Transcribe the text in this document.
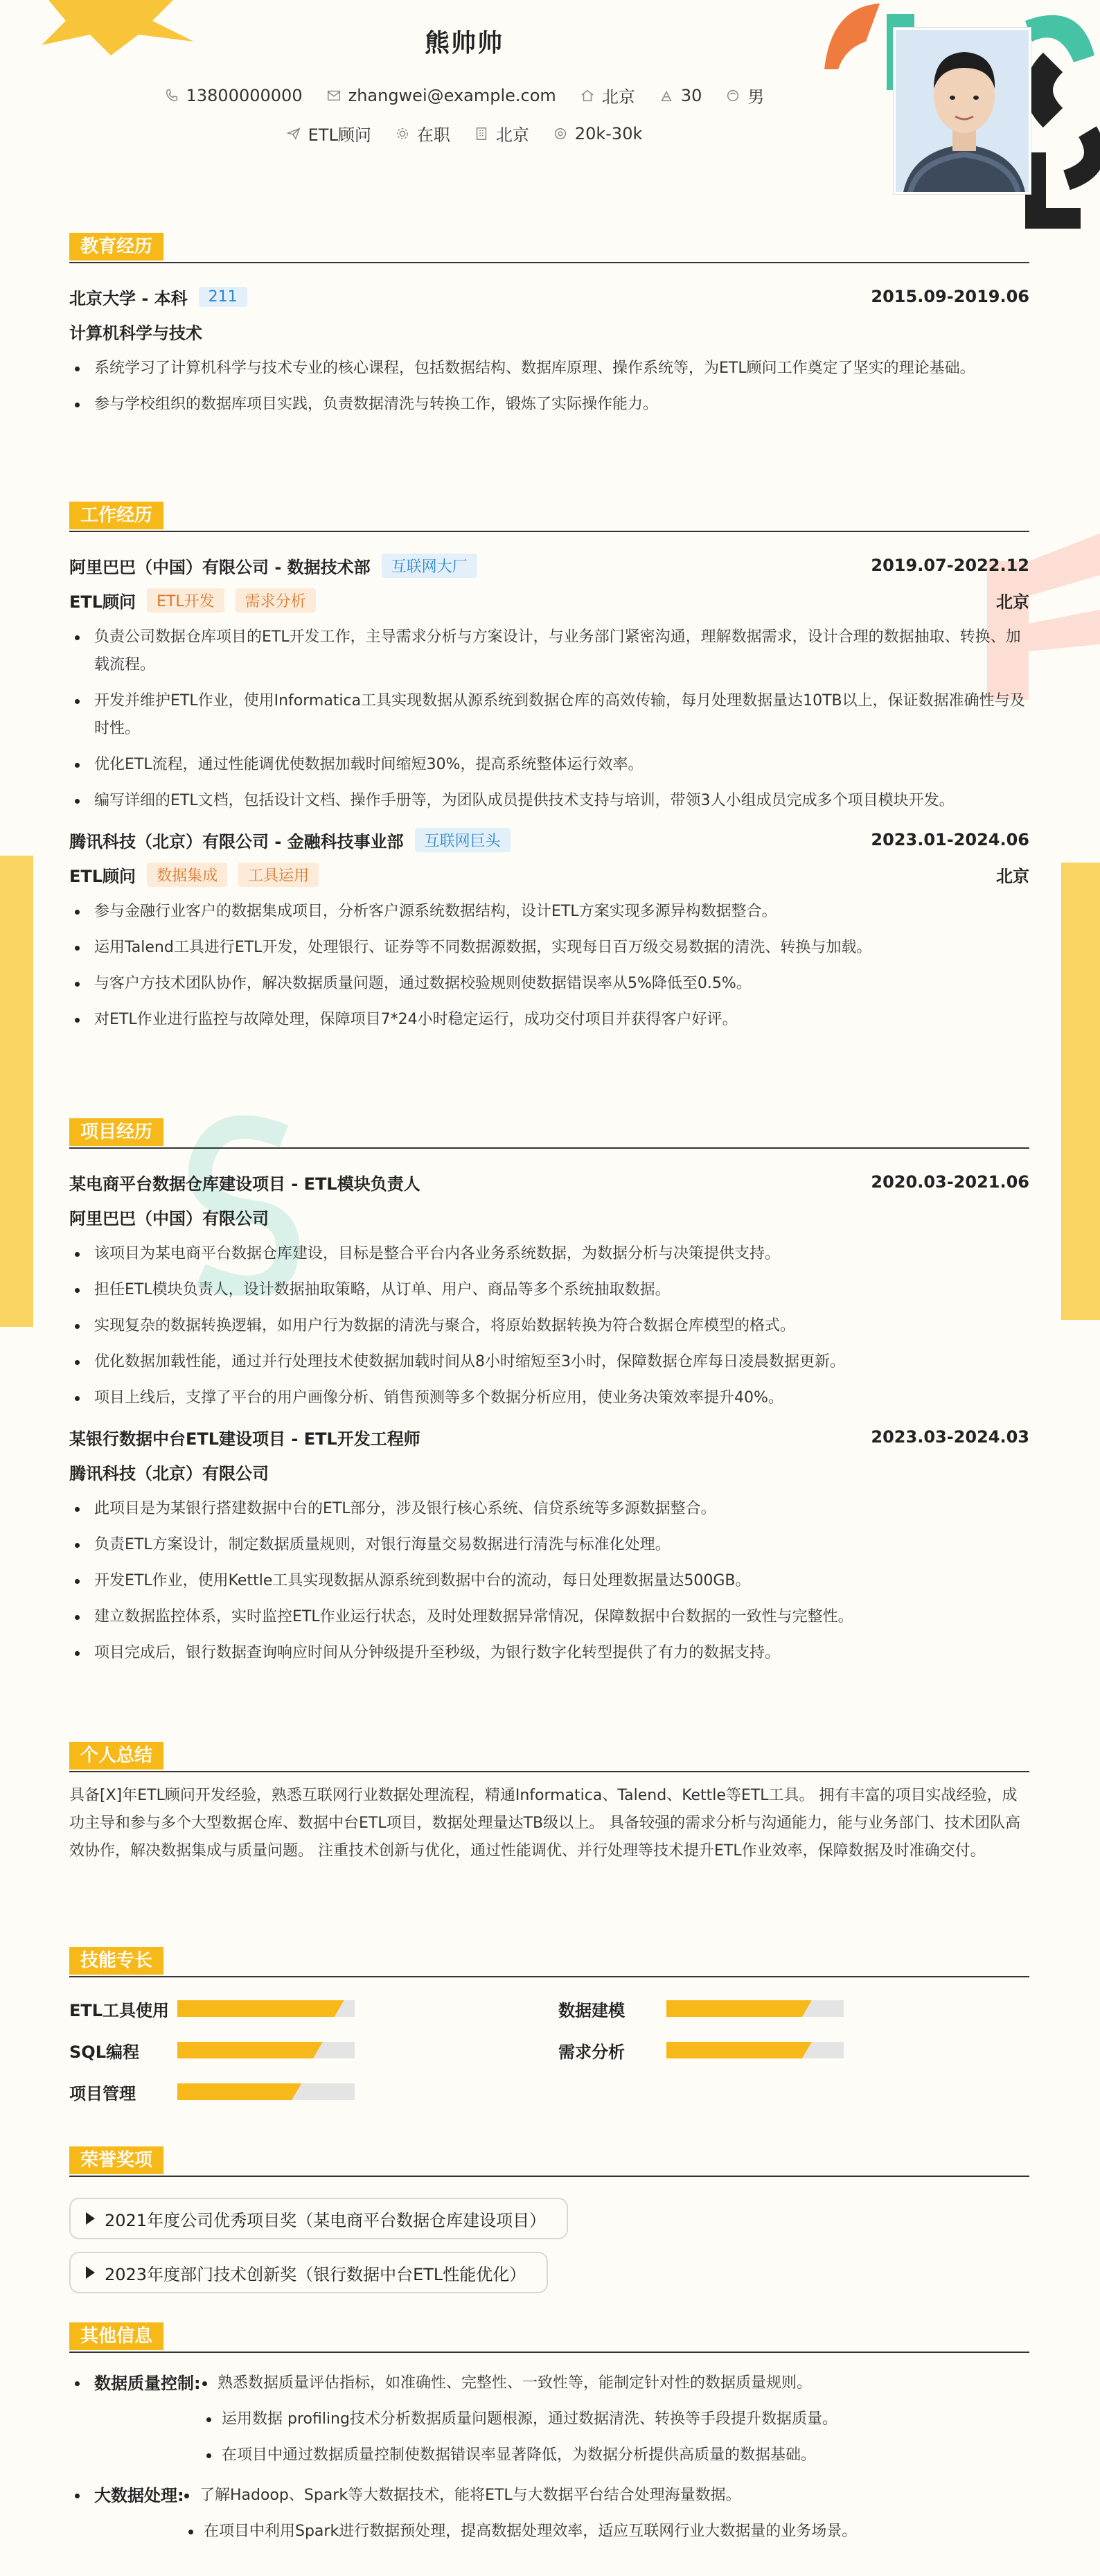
熊帅帅
13800000000	zhangwei@example.com	北京	30	男
ETL顾问	在职	北京	20k-30k
教育经历
北京大学 - 本科	211	2015.09-2019.06
计算机科学与技术
系统学习了计算机科学与技术专业的核心课程，包括数据结构、数据库原理、操作系统等，为ETL顾问工作奠定了坚实的理论基础。
参与学校组织的数据库项目实践，负责数据清洗与转换工作，锻炼了实际操作能力。
工作经历
阿里巴巴（中国）有限公司 - 数据技术部	互联网大厂	2019.07-2022.12
ETL顾问	ETL开发	需求分析	北京
负责公司数据仓库项目的ETL开发工作，主导需求分析与方案设计，与业务部门紧密沟通，理解数据需求，设计合理的数据抽取、转换、加载流程。
开发并维护ETL作业，使用Informatica工具实现数据从源系统到数据仓库的高效传输，每月处理数据量达10TB以上，保证数据准确性与及时性。
优化ETL流程，通过性能调优使数据加载时间缩短30%，提高系统整体运行效率。
编写详细的ETL文档，包括设计文档、操作手册等，为团队成员提供技术支持与培训，带领3人小组成员完成多个项目模块开发。
腾讯科技（北京）有限公司 - 金融科技事业部	互联网巨头	2023.01-2024.06
ETL顾问	数据集成	工具运用	北京
参与金融行业客户的数据集成项目，分析客户源系统数据结构，设计ETL方案实现多源异构数据整合。
运用Talend工具进行ETL开发，处理银行、证券等不同数据源数据，实现每日百万级交易数据的清洗、转换与加载。
与客户方技术团队协作，解决数据质量问题，通过数据校验规则使数据错误率从5%降低至0.5%。
对ETL作业进行监控与故障处理，保障项目7*24小时稳定运行，成功交付项目并获得客户好评。
项目经历
某电商平台数据仓库建设项目 - ETL模块负责人	2020.03-2021.06
阿里巴巴（中国）有限公司
该项目为某电商平台数据仓库建设，目标是整合平台内各业务系统数据，为数据分析与决策提供支持。
担任ETL模块负责人，设计数据抽取策略，从订单、用户、商品等多个系统抽取数据。
实现复杂的数据转换逻辑，如用户行为数据的清洗与聚合，将原始数据转换为符合数据仓库模型的格式。
优化数据加载性能，通过并行处理技术使数据加载时间从8小时缩短至3小时，保障数据仓库每日凌晨数据更新。
项目上线后，支撑了平台的用户画像分析、销售预测等多个数据分析应用，使业务决策效率提升40%。
某银行数据中台ETL建设项目 - ETL开发工程师	2023.03-2024.03
腾讯科技（北京）有限公司
此项目是为某银行搭建数据中台的ETL部分，涉及银行核心系统、信贷系统等多源数据整合。
负责ETL方案设计，制定数据质量规则，对银行海量交易数据进行清洗与标准化处理。
开发ETL作业，使用Kettle工具实现数据从源系统到数据中台的流动，每日处理数据量达500GB。
建立数据监控体系，实时监控ETL作业运行状态，及时处理数据异常情况，保障数据中台数据的一致性与完整性。
项目完成后，银行数据查询响应时间从分钟级提升至秒级，为银行数字化转型提供了有力的数据支持。
个人总结
具备[X]年ETL顾问开发经验，熟悉互联网行业数据处理流程，精通Informatica、Talend、Kettle等ETL工具。 拥有丰富的项目实战经验，成功主导和参与多个大型数据仓库、数据中台ETL项目，数据处理量达TB级以上。 具备较强的需求分析与沟通能力，能与业务部门、技术团队高效协作，解决数据集成与质量问题。 注重技术创新与优化，通过性能调优、并行处理等技术提升ETL作业效率，保障数据及时准确交付。
技能专长
ETL工具使用	数据建模
SQL编程	需求分析
项目管理
荣誉奖项
2021年度公司优秀项目奖（某电商平台数据仓库建设项目）
2023年度部门技术创新奖（银行数据中台ETL性能优化）
其他信息
数据质量控制:	熟悉数据质量评估指标，如准确性、完整性、一致性等，能制定针对性的数据质量规则。
运用数据 profiling技术分析数据质量问题根源，通过数据清洗、转换等手段提升数据质量。
在项目中通过数据质量控制使数据错误率显著降低，为数据分析提供高质量的数据基础。
大数据处理:	了解Hadoop、Spark等大数据技术，能将ETL与大数据平台结合处理海量数据。
在项目中利用Spark进行数据预处理，提高数据处理效率，适应互联网行业大数据量的业务场景。
